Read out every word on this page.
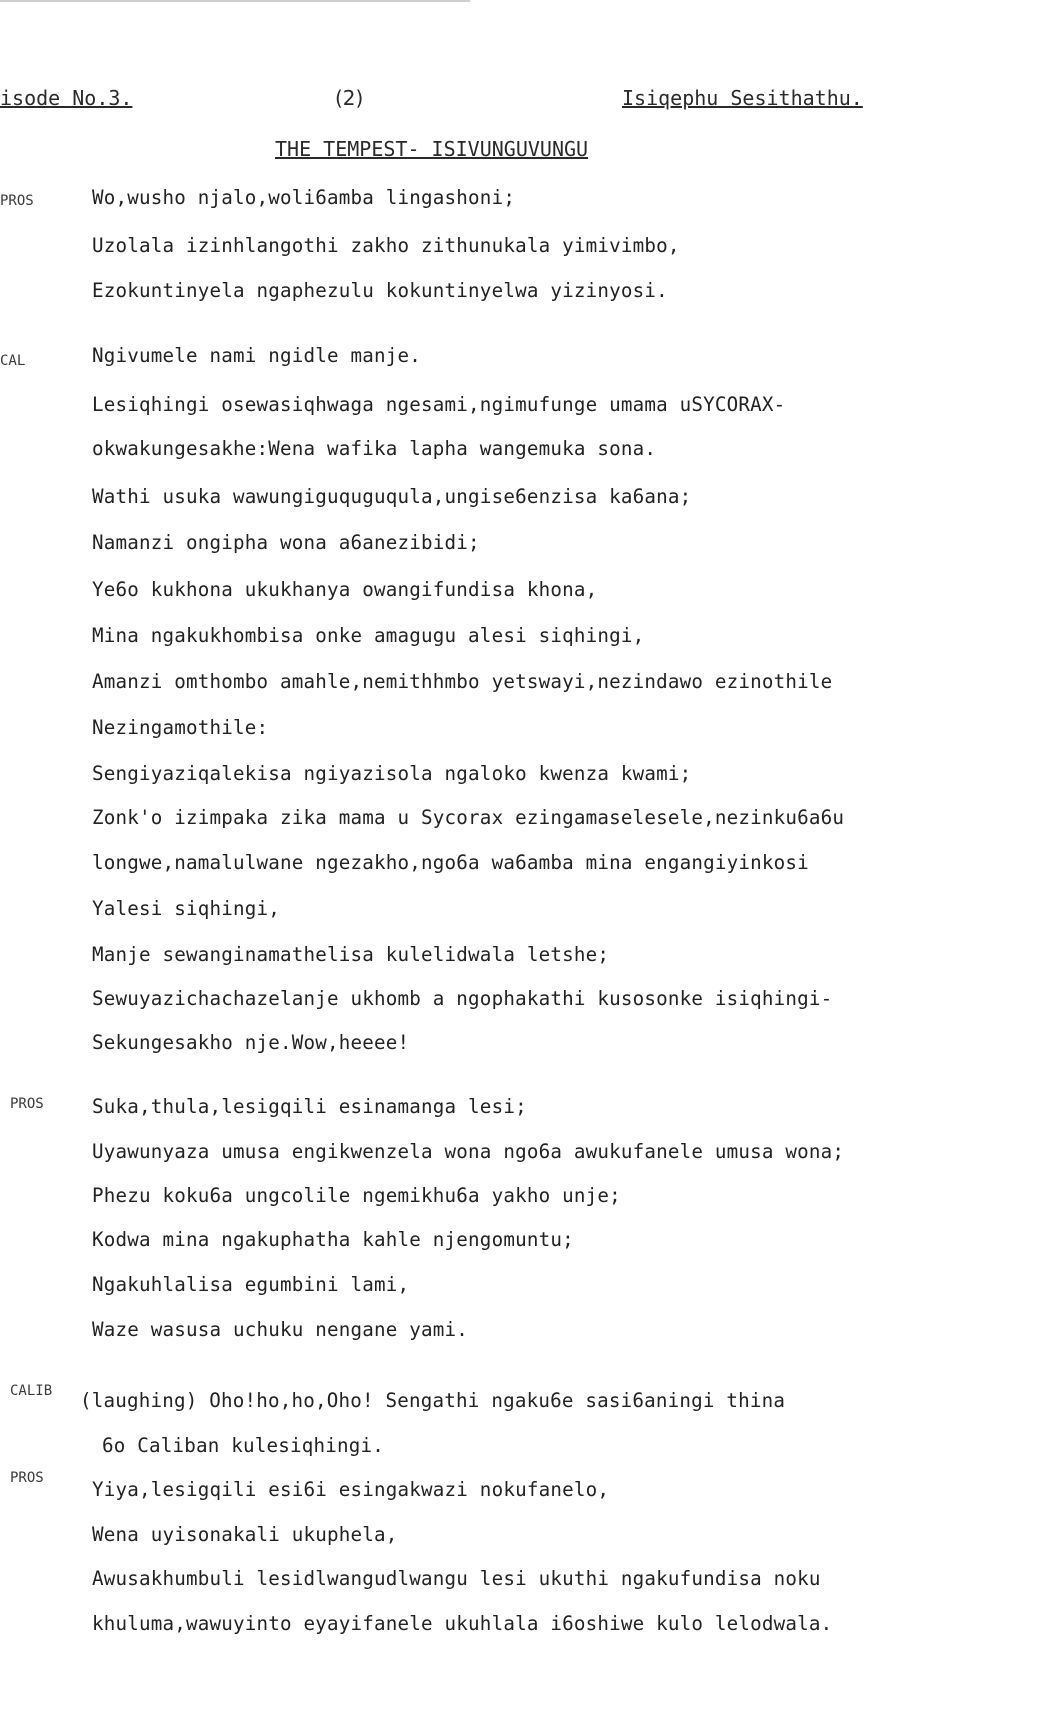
isode No.3.	(2)	Isiqephu Sesithathu.
THE TEMPEST- ISIVUNGUVUNGU
PROS	Wo,wusho njalo,woli6amba lingashoni;
Uzolala izinhlangothi zakho zithunukala yimivimbo,
Ezokuntinyela ngaphezulu kokuntinyelwa yizinyosi.
CAL	Ngivumele nami ngidle manje.
Lesiqhingi osewasiqhwaga ngesami,ngimufunge umama uSYCORAX-
okwakungesakhe:Wena wafika lapha wangemuka sona.
Wathi usuka wawungiguquguqula,ungise6enzisa ka6ana;
Namanzi ongipha wona a6anezibidi;
Ye6o kukhona ukukhanya owangifundisa khona,
Mina ngakukhombisa onke amagugu alesi siqhingi,
Amanzi omthombo amahle,nemithhmbo yetswayi,nezindawo ezinothile
Nezingamothile:
Sengiyaziqalekisa ngiyazisola ngaloko kwenza kwami;
Zonk'o izimpaka zika mama u Sycorax ezingamaselesele,nezinku6a6u
longwe,namalulwane ngezakho,ngo6a wa6amba mina engangiyinkosi
Yalesi siqhingi,
Manje sewanginamathelisa kulelidwala letshe;
Sewuyazichachazelanje ukhomb a ngophakathi kusosonke isiqhingi-
Sekungesakho nje.Wow,heeee!
PROS	Suka,thula,lesigqili esinamanga lesi;
Uyawunyaza umusa engikwenzela wona ngo6a awukufanele umusa wona;
Phezu koku6a ungcolile ngemikhu6a yakho unje;
Kodwa mina ngakuphatha kahle njengomuntu;
Ngakuhlalisa egumbini lami,
Waze wasusa uchuku nengane yami.
CALIB (laughing) Oho!ho,ho,Oho! Sengathi ngaku6e sasi6aningi thina
6o Caliban kulesiqhingi.
PROS	Yiya,lesigqili esi6i esingakwazi nokufanelo,
Wena uyisonakali ukuphela,
Awusakhumbuli lesidlwangudlwangu lesi ukuthi ngakufundisa noku
khuluma,wawuyinto eyayifanele ukuhlala i6oshiwe kulo lelodwala.
